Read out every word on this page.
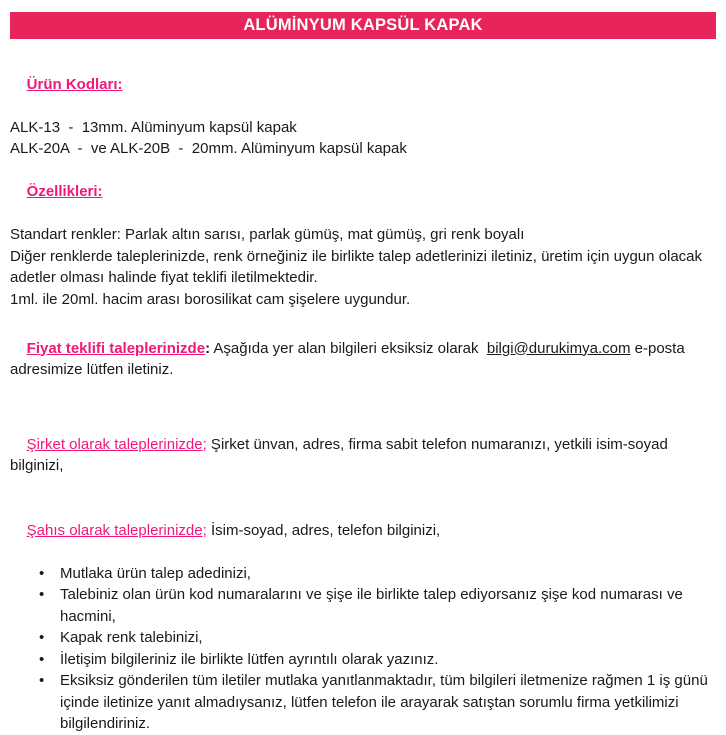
ALÜMİNYUM KAPSÜL KAPAK

Ürün Kodları:

ALK-13  -  13mm. Alüminyum kapsül kapak
ALK-20A  -  ve ALK-20B  -  20mm. Alüminyum kapsül kapak

Özellikleri:

Standart renkler: Parlak altın sarısı, parlak gümüş, mat gümüş, gri renk boyalı
Diğer renklerde taleplerinizde, renk örneğiniz ile birlikte talep adetlerinizi iletiniz, üretim için uygun olacak adetler olması halinde fiyat teklifi iletilmektedir.
1ml. ile 20ml. hacim arası borosilikat cam şişelere uygundur.

Fiyat teklifi taleplerinizde: Aşağıda yer alan bilgileri eksiksiz olarak  bilgi@durukimya.com e-posta adresimize lütfen iletiniz.

Şirket olarak taleplerinizde; Şirket ünvan, adres, firma sabit telefon numaranızı, yetkili isim-soyad bilginizi,

Şahıs olarak taleplerinizde; İsim-soyad, adres, telefon bilginizi,

• Mutlaka ürün talep adedinizi,
• Talebiniz olan ürün kod numaralarını ve şişe ile birlikte talep ediyorsanız şişe kod numarası ve hacmini,
• Kapak renk talebinizi,
• İletişim bilgileriniz ile birlikte lütfen ayrıntılı olarak yazınız.
• Eksiksiz gönderilen tüm iletiler mutlaka yanıtlanmaktadır, tüm bilgileri iletmenize rağmen 1 iş günü içinde iletinize yanıt almadıysanız, lütfen telefon ile arayarak satıştan sorumlu firma yetkilimizi bilgilendiriniz.
